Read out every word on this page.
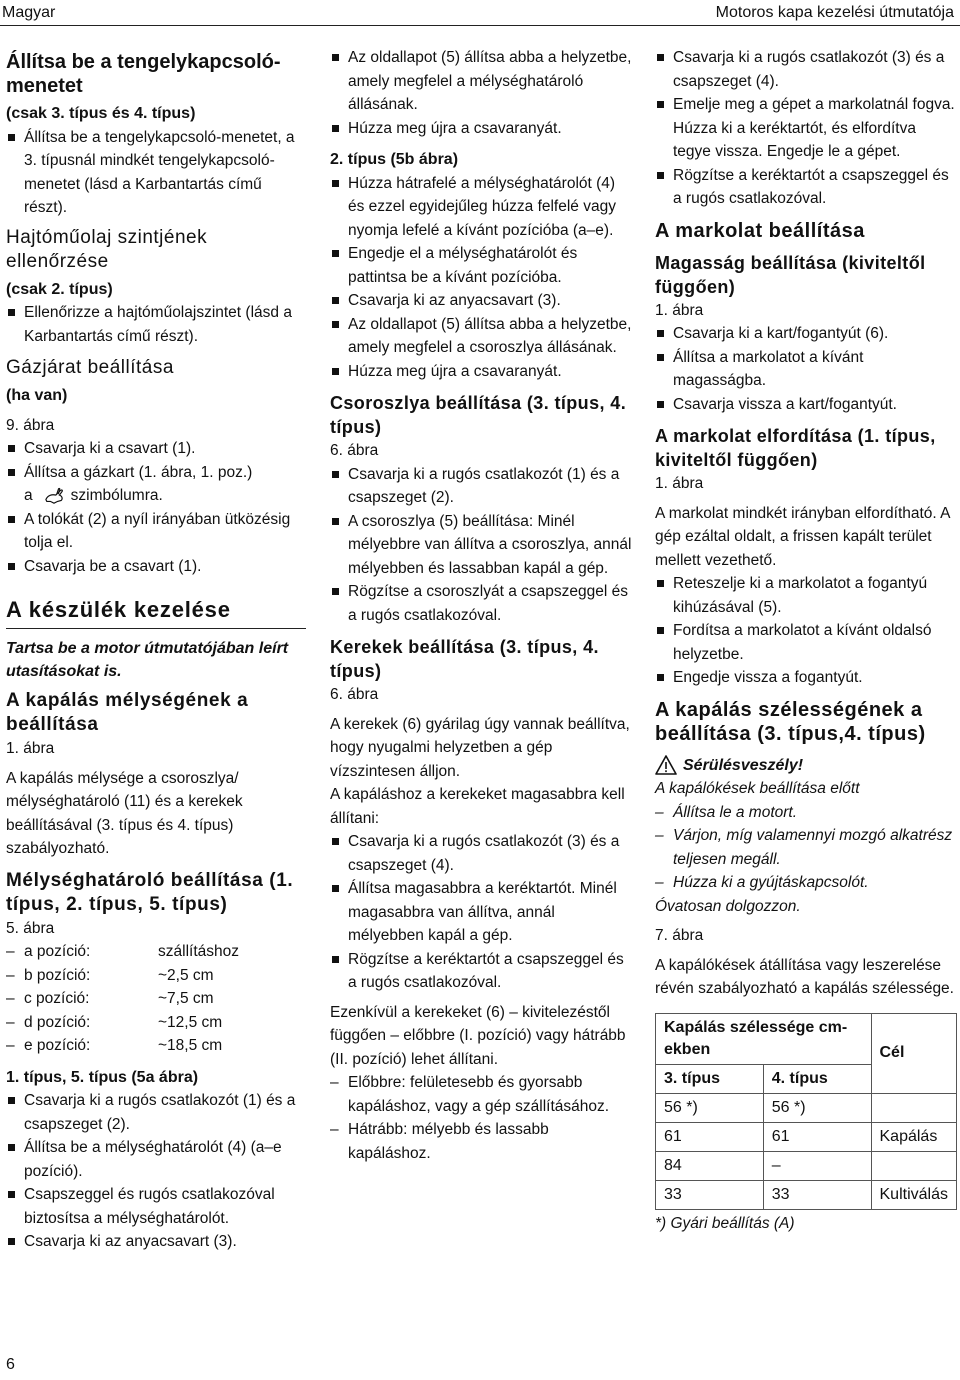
Magyar	Motoros kapa kezelési útmutatója
Állítsa be a tengelykapcsoló-menetet
(csak 3. típus és 4. típus)
Állítsa be a tengelykapcsoló-menetet, a 3. típusnál mindkét tengelykapcsoló-menetet (lásd a Karbantartás című részt).
Hajtóműolaj szintjének ellenőrzése
(csak 2. típus)
Ellenőrizze a hajtóműolajszintet (lásd a Karbantartás című részt).
Gázjárat beállítása
(ha van)
9. ábra
Csavarja ki a csavart (1).
Állítsa a gázkart (1. ábra, 1. poz.)
a szimbólumra.
A tolókát (2) a nyíl irányában ütközésig tolja el.
Csavarja be a csavart (1).
A készülék kezelése
Tartsa be a motor útmutatójában leírt utasításokat is.
A kapálás mélységének a beállítása
1. ábra
A kapálás mélysége a csoroszlya/ mélységhatároló (11) és a kerekek beállításával (3. típus és 4. típus) szabályozható.
Mélységhatároló beállítása (1. típus, 2. típus, 5. típus)
5. ábra
– a pozíció:	szállításhoz
– b pozíció:	~2,5 cm
– c pozíció:	~7,5 cm
– d pozíció:	~12,5 cm
– e pozíció:	~18,5 cm
1. típus, 5. típus (5a ábra)
Csavarja ki a rugós csatlakozót (1) és a csapszeget (2).
Állítsa be a mélységhatárolót (4) (a–e pozíció).
Csapszeggel és rugós csatlakozóval biztosítsa a mélységhatárolót.
Csavarja ki az anyacsavart (3).
Az oldallapot (5) állítsa abba a helyzetbe, amely megfelel a mélységhatároló állásának.
Húzza meg újra a csavaranyát.
2. típus (5b ábra)
Húzza hátrafelé a mélységhatárolót (4) és ezzel egyidejűleg húzza felfelé vagy nyomja lefelé a kívánt pozícióba (a–e).
Engedje el a mélységhatárolót és pattintsa be a kívánt pozícióba.
Csavarja ki az anyacsavart (3).
Az oldallapot (5) állítsa abba a helyzetbe, amely megfelel a csoroszlya állásának.
Húzza meg újra a csavaranyát.
Csoroszlya beállítása (3. típus, 4. típus)
6. ábra
Csavarja ki a rugós csatlakozót (1) és a csapszeget (2).
A csoroszlya (5) beállítása: Minél mélyebbre van állítva a csoroszlya, annál mélyebben és lassabban kapál a gép.
Rögzítse a csoroszlyát a csapszeggel és a rugós csatlakozóval.
Kerekek beállítása (3. típus, 4. típus)
6. ábra
A kerekek (6) gyárilag úgy vannak beállítva, hogy nyugalmi helyzetben a gép vízszintesen álljon.
A kapáláshoz a kerekeket magasabbra kell állítani:
Csavarja ki a rugós csatlakozót (3) és a csapszeget (4).
Állítsa magasabbra a keréktartót. Minél magasabbra van állítva, annál mélyebben kapál a gép.
Rögzítse a keréktartót a csapszeggel és a rugós csatlakozóval.
Ezenkívül a kerekeket (6) – kivitelezéstől függően – előbbre (I. pozíció) vagy hátrább (II. pozíció) lehet állítani.
– Előbbre: felületesebb és gyorsabb kapáláshoz, vagy a gép szállításához.
– Hátrább: mélyebb és lassabb kapáláshoz.
Csavarja ki a rugós csatlakozót (3) és a csapszeget (4).
Emelje meg a gépet a markolatnál fogva. Húzza ki a keréktartót, és elfordítva tegye vissza. Engedje le a gépet.
Rögzítse a keréktartót a csapszeggel és a rugós csatlakozóval.
A markolat beállítása
Magasság beállítása (kiviteltől függően)
1. ábra
Csavarja ki a kart/fogantyút (6).
Állítsa a markolatot a kívánt magasságba.
Csavarja vissza a kart/fogantyút.
A markolat elfordítása (1. típus, kiviteltől függően)
1. ábra
A markolat mindkét irányban elfordítható. A gép ezáltal oldalt, a frissen kapált terület mellett vezethető.
Reteszelje ki a markolatot a fogantyú kihúzásával (5).
Fordítsa a markolatot a kívánt oldalsó helyzetbe.
Engedje vissza a fogantyút.
A kapálás szélességének a beállítása (3. típus,4. típus)
Sérülésveszély!
A kapálókések beállítása előtt
– Állítsa le a motort.
– Várjon, míg valamennyi mozgó alkatrész teljesen megáll.
– Húzza ki a gyújtáskapcsolót.
Óvatosan dolgozzon.
7. ábra
A kapálókések átállítása vagy leszerelése révén szabályozható a kapálás szélessége.
Kapálás szélessége cm-ekben		Cél
3. típus	4. típus	
56 *)	56 *)	
61	61	Kapálás
84	–	
33	33	Kultiválás
*) Gyári beállítás (A)
6
